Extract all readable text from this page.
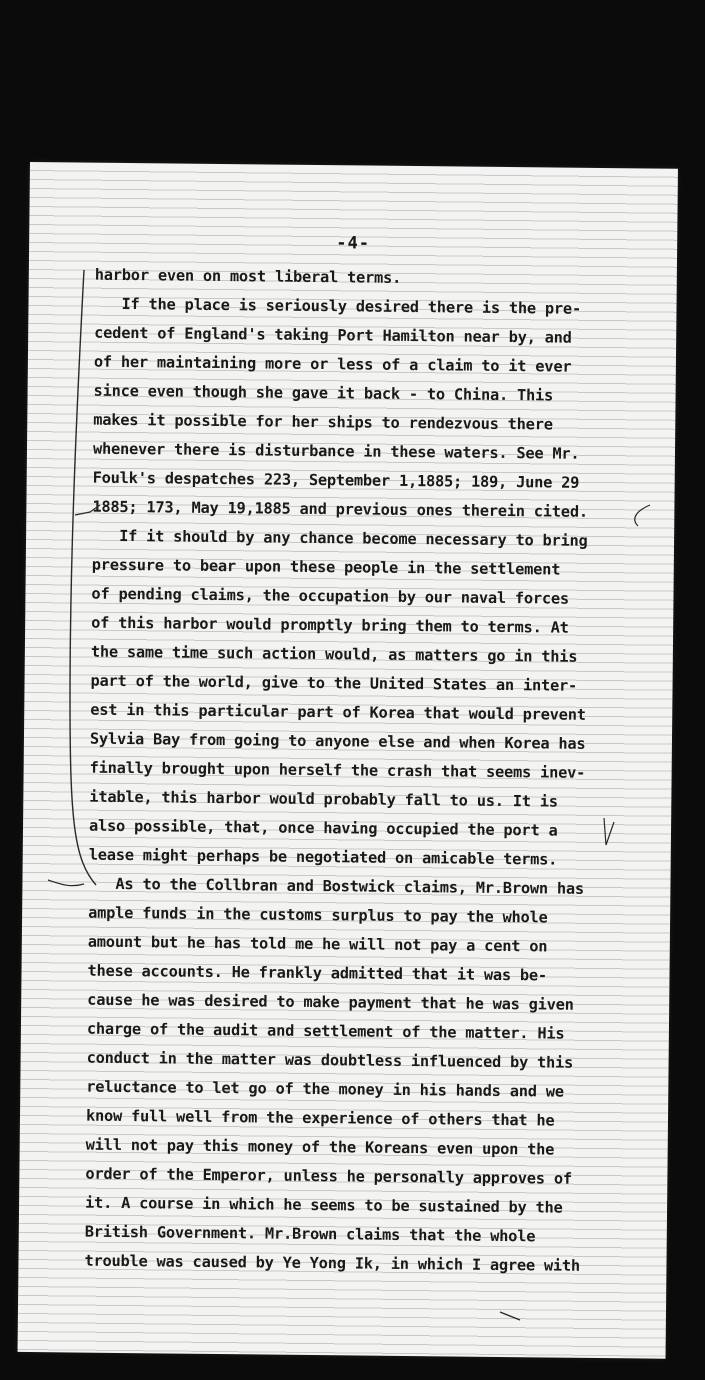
-4-
harbor even on most liberal terms.
If the place is seriously desired there is the pre-
cedent of England's taking Port Hamilton near by, and
of her maintaining more or less of a claim to it ever
since even though she gave it back - to China. This
makes it possible for her ships to rendezvous there
whenever there is disturbance in these waters. See Mr.
Foulk's despatches 223, September 1,1885; 189, June 29
1885; 173, May 19,1885 and previous ones therein cited.
If it should by any chance become necessary to bring
pressure to bear upon these people in the settlement
of pending claims, the occupation by our naval forces
of this harbor would promptly bring them to terms. At
the same time such action would, as matters go in this
part of the world, give to the United States an inter-
est in this particular part of Korea that would prevent
Sylvia Bay from going to anyone else and when Korea has
finally brought upon herself the crash that seems inev-
itable, this harbor would probably fall to us. It is
also possible, that, once having occupied the port a
lease might perhaps be negotiated on amicable terms.
As to the Collbran and Bostwick claims, Mr.Brown has
ample funds in the customs surplus to pay the whole
amount but he has told me he will not pay a cent on
these accounts. He frankly admitted that it was be-
cause he was desired to make payment that he was given
charge of the audit and settlement of the matter. His
conduct in the matter was doubtless influenced by this
reluctance to let go of the money in his hands and we
know full well from the experience of others that he
will not pay this money of the Koreans even upon the
order of the Emperor, unless he personally approves of
it. A course in which he seems to be sustained by the
British Government. Mr.Brown claims that the whole
trouble was caused by Ye Yong Ik, in which I agree with
